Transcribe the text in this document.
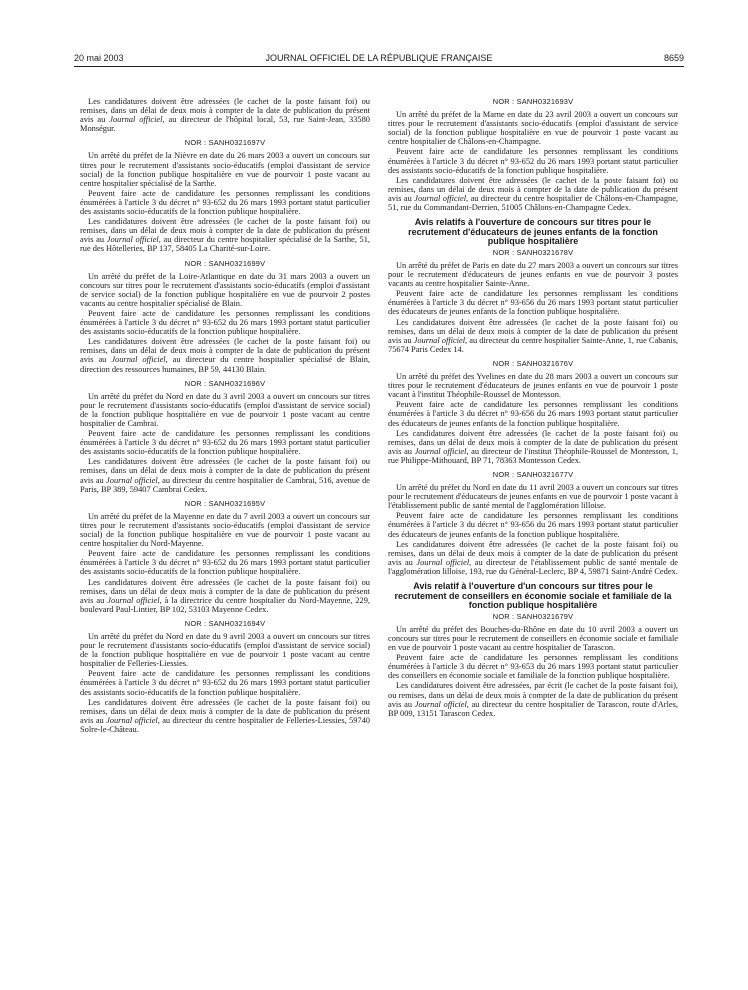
20 mai 2003	JOURNAL OFFICIEL DE LA RÉPUBLIQUE FRANÇAISE	8659

Les candidatures doivent être adressées (le cachet de la poste faisant foi) ou remises, dans un délai de deux mois à compter de la date de publication du présent avis au Journal officiel, au directeur de l'hôpital local, 53, rue Saint-Jean, 33580 Monségur.

NOR : SANH0321697V

Un arrêté du préfet de la Nièvre en date du 26 mars 2003 a ouvert un concours sur titres pour le recrutement d'assistants socio-éducatifs (emploi d'assistant de service social) de la fonction publique hospitalière en vue de pourvoir 1 poste vacant au centre hospitalier spécialisé de la Sarthe.

Peuvent faire acte de candidature les personnes remplissant les conditions énumérées à l'article 3 du décret n° 93-652 du 26 mars 1993 portant statut particulier des assistants socio-éducatifs de la fonction publique hospitalière.

Les candidatures doivent être adressées (le cachet de la poste faisant foi) ou remises, dans un délai de deux mois à compter de la date de publication du présent avis au Journal officiel, au directeur du centre hospitalier spécialisé de la Sarthe, 51, rue des Hôtelleries, BP 137, 58405 La Charité-sur-Loire.

NOR : SANH0321699V

Un arrêté du préfet de la Loire-Atlantique en date du 31 mars 2003 a ouvert un concours sur titres pour le recrutement d'assistants socio-éducatifs (emploi d'assistant de service social) de la fonction publique hospitalière en vue de pourvoir 2 postes vacants au centre hospitalier spécialisé de Blain.

Peuvent faire acte de candidature les personnes remplissant les conditions énumérées à l'article 3 du décret n° 93-652 du 26 mars 1993 portant statut particulier des assistants socio-éducatifs de la fonction publique hospitalière.

Les candidatures doivent être adressées (le cachet de la poste faisant foi) ou remises, dans un délai de deux mois à compter de la date de publication du présent avis au Journal officiel, au directeur du centre hospitalier spécialisé de Blain, direction des ressources humaines, BP 59, 44130 Blain.

NOR : SANH0321696V

Un arrêté du préfet du Nord en date du 3 avril 2003 a ouvert un concours sur titres pour le recrutement d'assistants socio-éducatifs (emploi d'assistant de service social) de la fonction publique hospitalière en vue de pourvoir 1 poste vacant au centre hospitalier de Cambrai.

Peuvent faire acte de candidature les personnes remplissant les conditions énumérées à l'article 3 du décret n° 93-652 du 26 mars 1993 portant statut particulier des assistants socio-éducatifs de la fonction publique hospitalière.

Les candidatures doivent être adressées (le cachet de la poste faisant foi) ou remises, dans un délai de deux mois à compter de la date de publication du présent avis au Journal officiel, au directeur du centre hospitalier de Cambrai, 516, avenue de Paris, BP 389, 59407 Cambrai Cedex.

NOR : SANH0321695V

Un arrêté du préfet de la Mayenne en date du 7 avril 2003 a ouvert un concours sur titres pour le recrutement d'assistants socio-éducatifs (emploi d'assistant de service social) de la fonction publique hospitalière en vue de pourvoir 1 poste vacant au centre hospitalier du Nord-Mayenne.

Peuvent faire acte de candidature les personnes remplissant les conditions énumérées à l'article 3 du décret n° 93-652 du 26 mars 1993 portant statut particulier des assistants socio-éducatifs de la fonction publique hospitalière.

Les candidatures doivent être adressées (le cachet de la poste faisant foi) ou remises, dans un délai de deux mois à compter de la date de publication du présent avis au Journal officiel, à la directrice du centre hospitalier du Nord-Mayenne, 229, boulevard Paul-Lintier, BP 102, 53103 Mayenne Cedex.

NOR : SANH0321694V

Un arrêté du préfet du Nord en date du 9 avril 2003 a ouvert un concours sur titres pour le recrutement d'assistants socio-éducatifs (emploi d'assistant de service social) de la fonction publique hospitalière en vue de pourvoir 1 poste vacant au centre hospitalier de Felleries-Liessies.

Peuvent faire acte de candidature les personnes remplissant les conditions énumérées à l'article 3 du décret n° 93-652 du 26 mars 1993 portant statut particulier des assistants socio-éducatifs de la fonction publique hospitalière.

Les candidatures doivent être adressées (le cachet de la poste faisant foi) ou remises, dans un délai de deux mois à compter de la date de publication du présent avis au Journal officiel, au directeur du centre hospitalier de Felleries-Liessies, 59740 Solre-le-Château.

NOR : SANH0321693V

Un arrêté du préfet de la Marne en date du 23 avril 2003 a ouvert un concours sur titres pour le recrutement d'assistants socio-éducatifs (emploi d'assistant de service social) de la fonction publique hospitalière en vue de pourvoir 1 poste vacant au centre hospitalier de Châlons-en-Champagne.

Peuvent faire acte de candidature les personnes remplissant les conditions énumérées à l'article 3 du décret n° 93-652 du 26 mars 1993 portant statut particulier des assistants socio-éducatifs de la fonction publique hospitalière.

Les candidatures doivent être adressées (le cachet de la poste faisant foi) ou remises, dans un délai de deux mois à compter de la date de publication du présent avis au Journal officiel, au directeur du centre hospitalier de Châlons-en-Champagne, 51, rue du Commandant-Derrien, 51005 Châlons-en-Champagne Cedex.

Avis relatifs à l'ouverture de concours sur titres pour le recrutement d'éducateurs de jeunes enfants de la fonction publique hospitalière
NOR : SANH0321678V

Un arrêté du préfet de Paris en date du 27 mars 2003 a ouvert un concours sur titres pour le recrutement d'éducateurs de jeunes enfants en vue de pourvoir 3 postes vacants au centre hospitalier Sainte-Anne.

Peuvent faire acte de candidature les personnes remplissant les conditions énumérées à l'article 3 du décret n° 93-656 du 26 mars 1993 portant statut particulier des éducateurs de jeunes enfants de la fonction publique hospitalière.

Les candidatures doivent être adressées (le cachet de la poste faisant foi) ou remises, dans un délai de deux mois à compter de la date de publication du présent avis au Journal officiel, au directeur du centre hospitalier Sainte-Anne, 1, rue Cabanis, 75674 Paris Cedex 14.

NOR : SANH0321676V

Un arrêté du préfet des Yvelines en date du 28 mars 2003 a ouvert un concours sur titres pour le recrutement d'éducateurs de jeunes enfants en vue de pourvoir 1 poste vacant à l'institut Théophile-Roussel de Montesson.

Peuvent faire acte de candidature les personnes remplissant les conditions énumérées à l'article 3 du décret n° 93-656 du 26 mars 1993 portant statut particulier des éducateurs de jeunes enfants de la fonction publique hospitalière.

Les candidatures doivent être adressées (le cachet de la poste faisant foi) ou remises, dans un délai de deux mois à compter de la date de publication du présent avis au Journal officiel, au directeur de l'institut Théophile-Roussel de Montesson, 1, rue Philippe-Mithouard, BP 71, 78363 Montesson Cedex.

NOR : SANH0321677V

Un arrêté du préfet du Nord en date du 11 avril 2003 a ouvert un concours sur titres pour le recrutement d'éducateurs de jeunes enfants en vue de pourvoir 1 poste vacant à l'établissement public de santé mental de l'agglomération lilloise.

Peuvent faire acte de candidature les personnes remplissant les conditions énumérées à l'article 3 du décret n° 93-656 du 26 mars 1993 portant statut particulier des éducateurs de jeunes enfants de la fonction publique hospitalière.

Les candidatures doivent être adressées (le cachet de la poste faisant foi) ou remises, dans un délai de deux mois à compter de la date de publication du présent avis au Journal officiel, au directeur de l'établissement public de santé mentale de l'agglomération lilloise, 193, rue du Général-Leclerc, BP 4, 59871 Saint-André Cedex.

Avis relatif à l'ouverture d'un concours sur titres pour le recrutement de conseillers en économie sociale et familiale de la fonction publique hospitalière
NOR : SANH0321679V

Un arrêté du préfet des Bouches-du-Rhône en date du 10 avril 2003 a ouvert un concours sur titres pour le recrutement de conseillers en économie sociale et familiale en vue de pourvoir 1 poste vacant au centre hospitalier de Tarascon.

Peuvent faire acte de candidature les personnes remplissant les conditions énumérées à l'article 3 du décret n° 93-653 du 26 mars 1993 portant statut particulier des conseillers en économie sociale et familiale de la fonction publique hospitalière.

Les candidatures doivent être adressées, par écrit (le cachet de la poste faisant foi), ou remises, dans un délai de deux mois à compter de la date de publication du présent avis au Journal officiel, au directeur du centre hospitalier de Tarascon, route d'Arles, BP 009, 13151 Tarascon Cedex.
